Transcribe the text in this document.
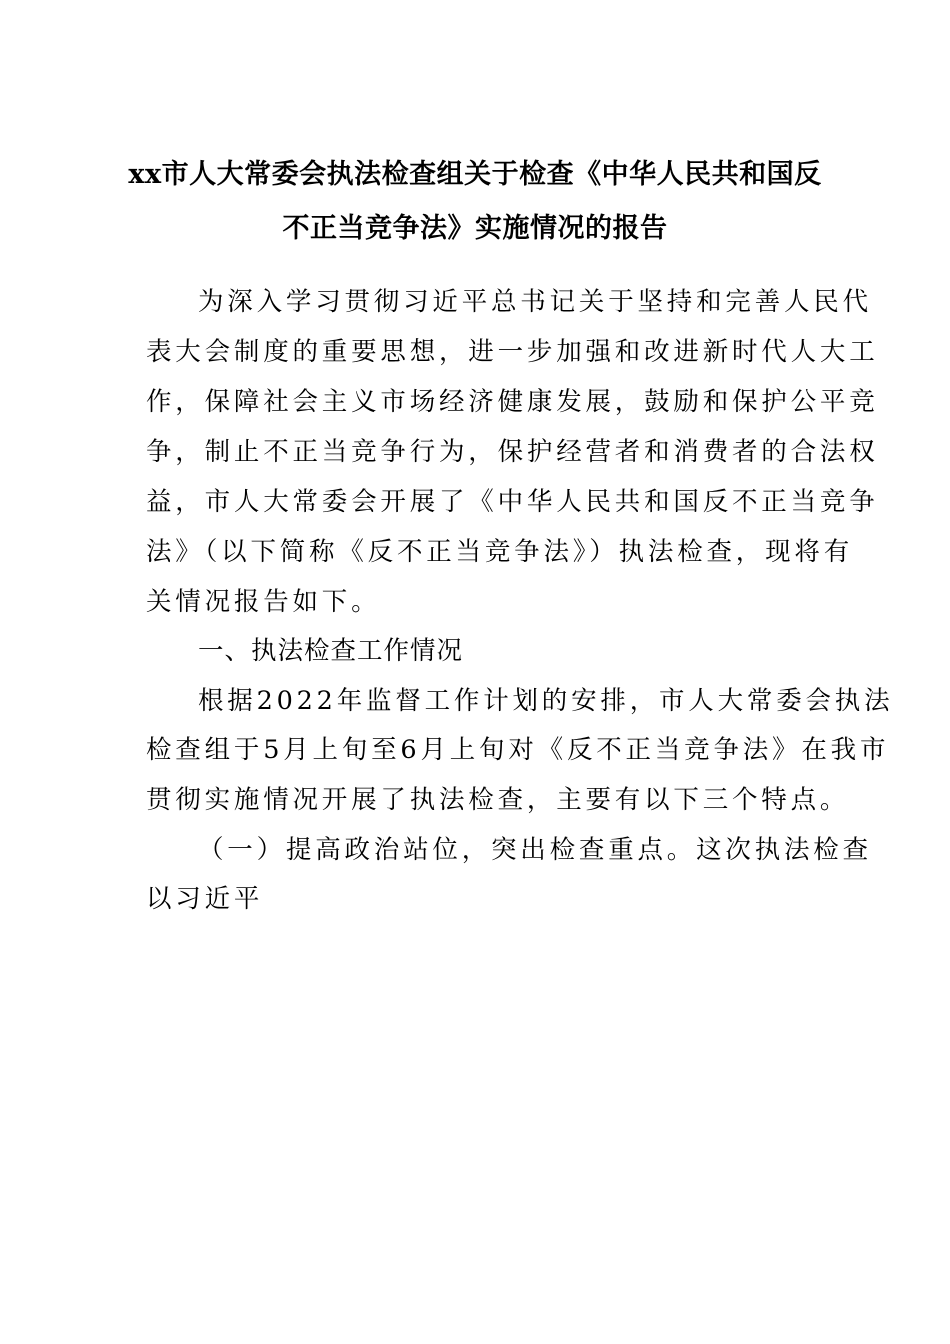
xx市人大常委会执法检查组关于检查《中华人民共和国反
不正当竞争法》实施情况的报告
为深入学习贯彻习近平总书记关于坚持和完善人民代
表大会制度的重要思想，进一步加强和改进新时代人大工
作，保障社会主义市场经济健康发展，鼓励和保护公平竞
争，制止不正当竞争行为，保护经营者和消费者的合法权
益，市人大常委会开展了《中华人民共和国反不正当竞争
法》（以下简称《反不正当竞争法》）执法检查，现将有
关情况报告如下。
一、执法检查工作情况
根据2022年监督工作计划的安排，市人大常委会执法
检查组于5月上旬至6月上旬对《反不正当竞争法》在我市
贯彻实施情况开展了执法检查，主要有以下三个特点。
（一）提高政治站位，突出检查重点。这次执法检查
以习近平
